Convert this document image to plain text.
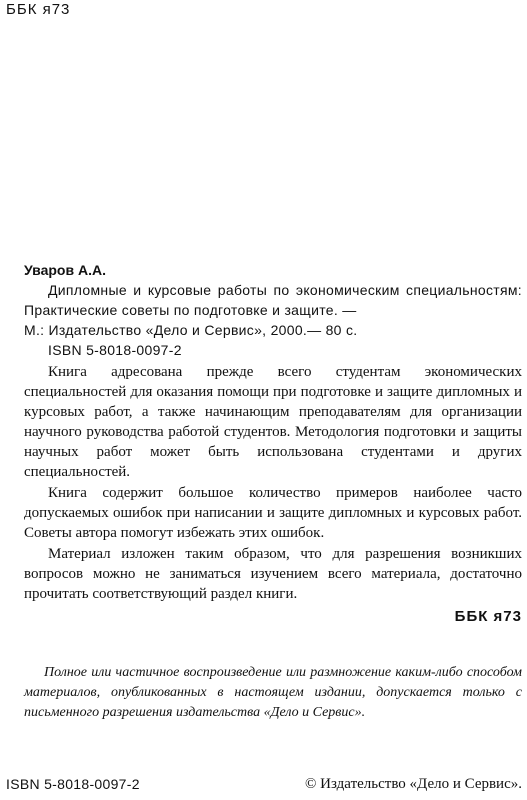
ББК я73

Уваров А.А.

Дипломные и курсовые работы по экономическим специальностям: Практические советы по подготовке и защите. —
М.: Издательство «Дело и Сервис», 2000.— 80 с.

ISBN 5-8018-0097-2

Книга адресована прежде всего студентам экономических специальностей для оказания помощи при подготовке и защите дипломных и курсовых работ, а также начинающим преподавателям для организации научного руководства работой студентов. Методология подготовки и защиты научных работ может быть использована студентами и других специальностей.

Книга содержит большое количество примеров наиболее часто допускаемых ошибок при написании и защите дипломных и курсовых работ. Советы автора помогут избежать этих ошибок.

Материал изложен таким образом, что для разрешения возникших вопросов можно не заниматься изучением всего материала, достаточно прочитать соответствующий раздел книги.

ББК я73

Полное или частичное воспроизведение или размножение каким-либо способом материалов, опубликованных в настоящем издании, допускается только с письменного разрешения издательства «Дело и Сервис».

ISBN 5-8018-0097-2	© Издательство «Дело и Сервис».
